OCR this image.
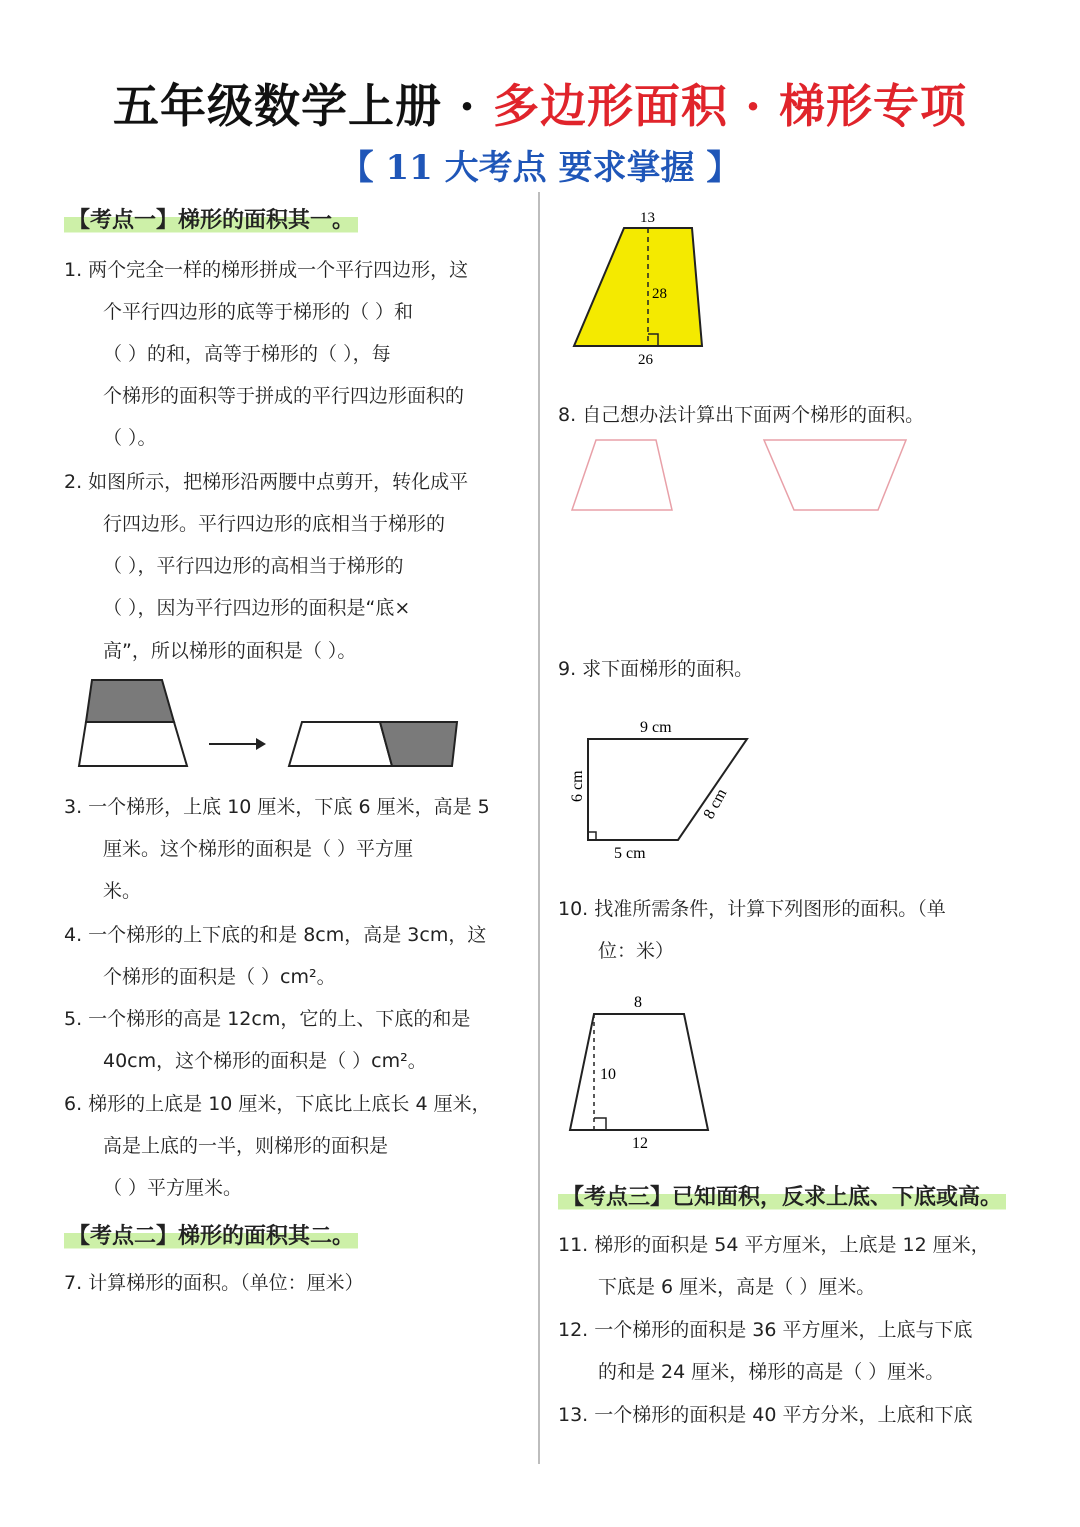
五年级数学上册 · 多边形面积 · 梯形专项
【 11 大考点 要求掌握 】
【考点一】梯形的面积其一。
1. 两个完全一样的梯形拼成一个平行四边形，这
个平行四边形的底等于梯形的（ ）和
（ ）的和，高等于梯形的（ ），每
个梯形的面积等于拼成的平行四边形面积的
（ ）。
2. 如图所示，把梯形沿两腰中点剪开，转化成平
行四边形。平行四边形的底相当于梯形的
（ ），平行四边形的高相当于梯形的
（ ），因为平行四边形的面积是“底×
高”，所以梯形的面积是（ ）。
3. 一个梯形，上底 10 厘米，下底 6 厘米，高是 5
厘米。这个梯形的面积是（ ）平方厘
米。
4. 一个梯形的上下底的和是 8cm，高是 3cm，这
个梯形的面积是（ ）cm²。
5. 一个梯形的高是 12cm，它的上、下底的和是
40cm，这个梯形的面积是（ ）cm²。
6. 梯形的上底是 10 厘米，下底比上底长 4 厘米，
高是上底的一半，则梯形的面积是
（ ）平方厘米。
【考点二】梯形的面积其二。
7. 计算梯形的面积。（单位：厘米）
13
28
26
8. 自己想办法计算出下面两个梯形的面积。
9. 求下面梯形的面积。
9 cm
6 cm	8 cm
5 cm
10. 找准所需条件，计算下列图形的面积。（单
位：米）
8
10
12
【考点三】已知面积，反求上底、下底或高。
11. 梯形的面积是 54 平方厘米，上底是 12 厘米，
下底是 6 厘米，高是（ ）厘米。
12. 一个梯形的面积是 36 平方厘米，上底与下底
的和是 24 厘米，梯形的高是（ ）厘米。
13. 一个梯形的面积是 40 平方分米，上底和下底
